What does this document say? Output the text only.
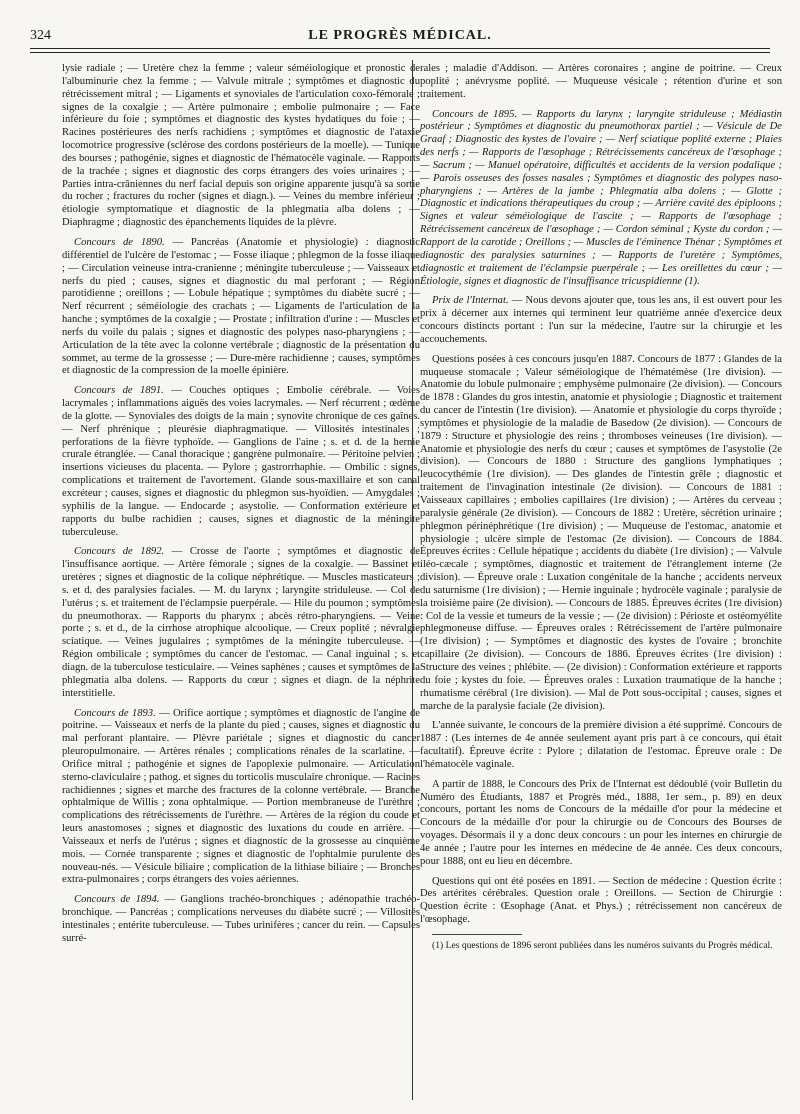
324	LE PROGRÈS MÉDICAL.

lysie radiale ; — Uretère chez la femme ; valeur séméiologique et pronostic de l'albuminurie chez la femme ; — Valvule mitrale ; symptômes et diagnostic du rétrécissement mitral ; — Ligaments et synoviales de l'articulation coxo-fémorale ; signes de la coxalgie ; — Artère pulmonaire ; embolie pulmonaire ; — Face inférieure du foie ; symptômes et diagnostic des kystes hydatiques du foie ; — Racines postérieures des nerfs rachidiens ; symptômes et diagnostic de l'ataxie locomotrice progressive (sclérose des cordons postérieurs de la moelle). — Tunique des bourses ; pathogénie, signes et diagnostic de l'hématocèle vaginale. — Rapports de la trachée ; signes et diagnostic des corps étrangers des voies urinaires ; — Parties intra-crâniennes du nerf facial depuis son origine apparente jusqu'à sa sortie du rocher ; fractures du rocher (signes et diagn.). — Veines du membre inférieur ; étiologie symptomatique et diagnostic de la phlegmatia alba dolens ; — Diaphragme ; diagnostic des épanchements liquides de la plèvre.

Concours de 1890. — Pancréas (Anatomie et physiologie) : diagnostic différentiel de l'ulcère de l'estomac ; — Fosse iliaque ; phlegmon de la fosse iliaque ; — Circulation veineuse intra-cranienne ; méningite tuberculeuse ; — Vaisseaux et nerfs du pied ; causes, signes et diagnostic du mal perforant ; — Région parotidienne ; oreillons ; — Lobule hépatique ; symptômes du diabète sucré ; — Nerf récurrent ; séméiologie des crachats ; — Ligaments de l'articulation de la hanche ; symptômes de la coxalgie ; — Prostate ; infiltration d'urine : — Muscles et nerfs du voile du palais ; signes et diagnostic des polypes naso-pharyngiens ; — Articulation de la tête avec la colonne vertébrale ; diagnostic de la présentation du sommet, au terme de la grossesse ; — Dure-mère rachidienne ; causes, symptômes et diagnostic de la compression de la moelle épinière.

Concours de 1891. — Couches optiques ; Embolie cérébrale. — Voies lacrymales ; inflammations aiguës des voies lacrymales. — Nerf récurrent ; œdème de la glotte. — Synoviales des doigts de la main ; synovite chronique de ces gaînes. — Nerf phrénique ; pleurésie diaphragmatique. — Villosités intestinales ; perforations de la fièvre typhoïde. — Ganglions de l'aine ; s. et d. de la hernie crurale étranglée. — Canal thoracique ; gangrène pulmonaire. — Péritoine pelvien ; insertions vicieuses du placenta. — Pylore ; gastrorrhaphie. — Ombilic : signes, complications et traitement de l'avortement. Glande sous-maxillaire et son canal excréteur ; causes, signes et diagnostic du phlegmon sus-hyoïdien. — Amygdales ; syphilis de la langue. — Endocarde ; asystolie. — Conformation extérieure et rapports du bulbe rachidien ; causes, signes et diagnostic de la méningite tuberculeuse.

Concours de 1892. — Crosse de l'aorte ; symptômes et diagnostic de l'insuffisance aortique. — Artère fémorale ; signes de la coxalgie. — Bassinet et uretères ; signes et diagnostic de la colique néphrétique. — Muscles masticateurs ; s. et d. des paralysies faciales. — M. du larynx ; laryngite striduleuse. — Col de l'utérus ; s. et traitement de l'éclampsie puerpérale. — Hile du poumon ; symptômes du pneumothorax. — Rapports du pharynx ; abcès rétro-pharyngiens. — Veine porte ; s. et d., de la cirrhose atrophique alcoolique. — Creux poplité ; névralgie sciatique. — Veines jugulaires ; symptômes de la méningite tuberculeuse. — Région ombilicale ; symptômes du cancer de l'estomac. — Canal inguinal ; s. et diagn. de la tuberculose testiculaire. — Veines saphènes ; causes et symptômes de la phlegmatia alba dolens. — Rapports du cœur ; signes et diagn. de la néphrite interstitielle.

Concours de 1893. — Orifice aortique ; symptômes et diagnostic de l'angine de poitrine. — Vaisseaux et nerfs de la plante du pied ; causes, signes et diagnostic du mal perforant plantaire. — Plèvre pariétale ; signes et diagnostic du cancer pleuropulmonaire. — Artères rénales ; complications rénales de la scarlatine. — Orifice mitral ; pathogénie et signes de l'apoplexie pulmonaire. — Articulation sterno-claviculaire ; pathog. et signes du torticolis musculaire chronique. — Racines rachidiennes ; signes et marche des fractures de la colonne vertébrale. — Branche ophtalmique de Willis ; zona ophtalmique. — Portion membraneuse de l'urèthre ; complications des rétrécissements de l'urèthre. — Artères de la région du coude et leurs anastomoses ; signes et diagnostic des luxations du coude en arrière. — Vaisseaux et nerfs de l'utérus ; signes et diagnostic de la grossesse au cinquième mois. — Cornée transparente ; signes et diagnostic de l'ophtalmie purulente des nouveau-nés. — Vésicule biliaire ; complication de la lithiase biliaire ; — Bronches extra-pulmonaires ; corps étrangers des voies aériennes.

Concours de 1894. — Ganglions trachéo-bronchiques ; adénopathie trachéo-bronchique. — Pancréas ; complications nerveuses du diabète sucré ; — Villosités intestinales ; entérite tuberculeuse. — Tubes urinifères ; cancer du rein. — Capsules surré-

rales ; maladie d'Addison. — Artères coronaires ; angine de poitrine. — Creux poplité ; anévrysme poplité. — Muqueuse vésicale ; rétention d'urine et son traitement.

Concours de 1895. — Rapports du larynx ; laryngite striduleuse ; Médiastin postérieur ; Symptômes et diagnostic du pneumothorax partiel ; — Vésicule de De Graaf ; Diagnostic des kystes de l'ovaire ; — Nerf sciatique poplité externe ; Plaies des nerfs ; — Rapports de l'œsophage ; Rétrécissements cancéreux de l'œsophage ; — Sacrum ; — Manuel opératoire, difficultés et accidents de la version podalique ; — Parois osseuses des fosses nasales ; Symptômes et diagnostic des polypes naso-pharyngiens ; — Artères de la jambe ; Phlegmatia alba dolens ; — Glotte ; Diagnostic et indications thérapeutiques du croup ; — Arrière cavité des épiploons ; Signes et valeur séméiologique de l'ascite ; — Rapports de l'œsophage ; Rétrécissement cancéreux de l'œsophage ; — Cordon séminal ; Kyste du cordon ; — Rapport de la carotide ; Oreillons ; — Muscles de l'éminence Thénar ; Symptômes et diagnostic des paralysies saturnines ; — Rapports de l'uretère ; Symptômes, diagnostic et traitement de l'éclampsie puerpérale ; — Les oreillettes du cœur ; — Étiologie, signes et diagnostic de l'insuffisance tricuspidienne (1).

Prix de l'Internat. — Nous devons ajouter que, tous les ans, il est ouvert pour les prix à décerner aux internes qui terminent leur quatrième année d'exercice deux concours distincts portant : l'un sur la médecine, l'autre sur la chirurgie et les accouchements.

Questions posées à ces concours jusqu'en 1887. Concours de 1877 : Glandes de la muqueuse stomacale ; Valeur séméiologique de l'hématémèse (1re division). — Anatomie du lobule pulmonaire ; emphysème pulmonaire (2e division). — Concours de 1878 : Glandes du gros intestin, anatomie et physiologie ; Diagnostic et traitement du cancer de l'intestin (1re division). — Anatomie et physiologie du corps thyroïde ; symptômes et physiologie de la maladie de Basedow (2e division). — Concours de 1879 : Structure et physiologie des reins ; thromboses veineuses (1re division). — Anatomie et physiologie des nerfs du cœur ; causes et symptômes de l'asystolie (2e division). — Concours de 1880 : Structure des ganglions lymphatiques ; leucocythémie (1re division). — Des glandes de l'intestin grêle ; diagnostic et traitement de l'invagination intestinale (2e division). — Concours de 1881 : Vaisseaux capillaires ; embolies capillaires (1re division) ; — Artères du cerveau ; paralysie générale (2e division). — Concours de 1882 : Uretère, sécrétion urinaire ; phlegmon périnéphrétique (1re division) ; — Muqueuse de l'estomac, anatomie et physiologie ; ulcère simple de l'estomac (2e division). — Concours de 1884. Épreuves écrites : Cellule hépatique ; accidents du diabète (1re division) ; — Valvule iléo-cæcale ; symptômes, diagnostic et traitement de l'étranglement interne (2e division). — Épreuve orale : Luxation congénitale de la hanche ; accidents nerveux du saturnisme (1re division) ; — Hernie inguinale ; hydrocèle vaginale ; paralysie de la troisième paire (2e division). — Concours de 1885. Épreuves écrites (1re division) : Col de la vessie et tumeurs de la vessie ; — (2e division) : Périoste et ostéomyélite phlegmoneuse diffuse. — Épreuves orales : Rétrécissement de l'artère pulmonaire (1re division) ; — Symptômes et diagnostic des kystes de l'ovaire ; bronchite capillaire (2e division). — Concours de 1886. Épreuves écrites (1re division) : Structure des veines ; phlébite. — (2e division) : Conformation extérieure et rapports du foie ; kystes du foie. — Épreuves orales : Luxation traumatique de la hanche ; rhumatisme cérébral (1re division). — Mal de Pott sous-occipital ; causes, signes et marche de la paralysie faciale (2e division).

L'année suivante, le concours de la première division a été supprimé. Concours de 1887 : (Les internes de 4e année seulement ayant pris part à ce concours, qui était facultatif). Épreuve écrite : Pylore ; dilatation de l'estomac. Épreuve orale : De l'hématocèle vaginale.

A partir de 1888, le Concours des Prix de l'Internat est dédoublé (voir Bulletin du Numéro des Étudiants, 1887 et Progrès méd., 1888, 1er sem., p. 89) en deux concours, portant les noms de Concours de la médaille d'or pour la médecine et Concours de la médaille d'or pour la chirurgie ou de Concours des Bourses de voyages. Désormais il y a donc deux concours : un pour les internes en chirurgie de 4e année ; l'autre pour les internes en médecine de 4e année. Ces deux concours, pour 1888, ont eu lieu en décembre.

Questions qui ont été posées en 1891. — Section de médecine : Question écrite : Des artérites cérébrales. Question orale : Oreillons. — Section de Chirurgie : Question écrite : Œsophage (Anat. et Phys.) ; rétrécissement non cancéreux de l'œsophage.

(1) Les questions de 1896 seront publiées dans les numéros suivants du Progrès médical.
